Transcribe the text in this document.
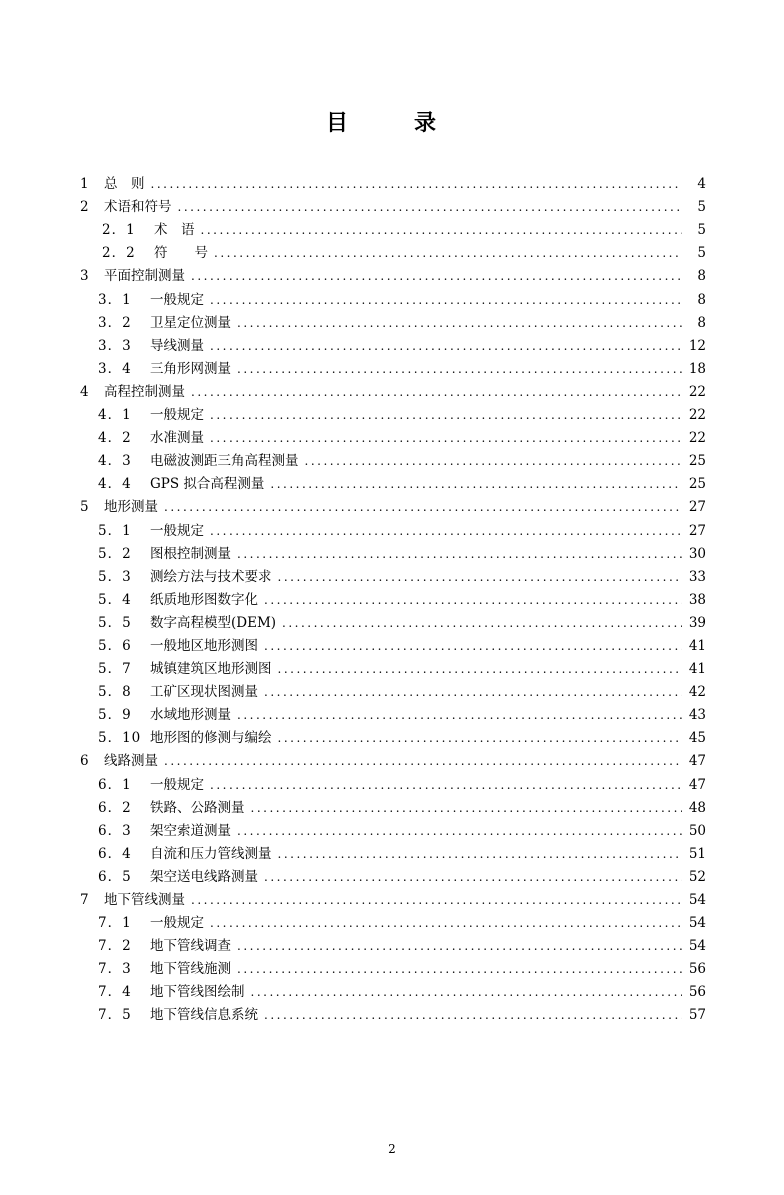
目　录
1	总　则 .....	4
2	术语和符号 .....	5
2．1	术　语 .....	5
2．2	符　　号 .....	5
3	平面控制测量 .....	8
3．1	一般规定 .....	8
3．2	卫星定位测量 .....	8
3．3	导线测量 .....	12
3．4	三角形网测量 .....	18
4	高程控制测量 .....	22
4．1	一般规定 .....	22
4．2	水准测量 .....	22
4．3	电磁波测距三角高程测量 .....	25
4．4	GPS 拟合高程测量 .....	25
5	地形测量 .....	27
5．1	一般规定 .....	27
5．2	图根控制测量 .....	30
5．3	测绘方法与技术要求 .....	33
5．4	纸质地形图数字化 .....	38
5．5	数字高程模型(DEM) .....	39
5．6	一般地区地形测图 .....	41
5．7	城镇建筑区地形测图 .....	41
5．8	工矿区现状图测量 .....	42
5．9	水域地形测量 .....	43
5．10 地形图的修测与编绘 .....	45
6	线路测量 .....	47
6．1	一般规定 .....	47
6．2	铁路、公路测量 .....	48
6．3	架空索道测量 .....	50
6．4	自流和压力管线测量 .....	51
6．5	架空送电线路测量 .....	52
7	地下管线测量 .....	54
7．1	一般规定 .....	54
7．2	地下管线调查 .....	54
7．3	地下管线施测 .....	56
7．4	地下管线图绘制 .....	56
7．5	地下管线信息系统 .....	57
2
